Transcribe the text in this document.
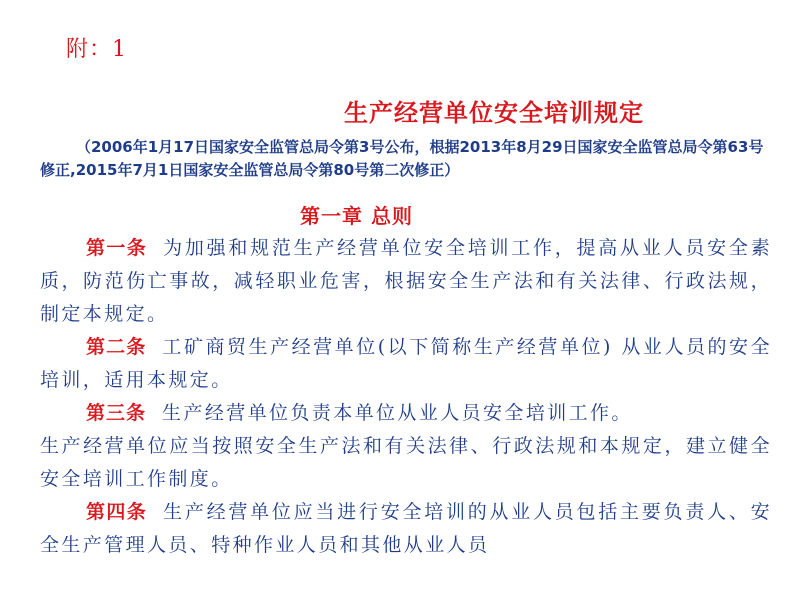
附：1
生产经营单位安全培训规定
（2006年1月17日国家安全监管总局令第3号公布，根据2013年8月29日国家安全监管总局令第63号修正,2015年7月1日国家安全监管总局令第80号第二次修正）
第一章 总则

第一条 为加强和规范生产经营单位安全培训工作，提高从业人员安全素质，防范伤亡事故，减轻职业危害，根据安全生产法和有关法律、行政法规，制定本规定。

第二条 工矿商贸生产经营单位(以下简称生产经营单位) 从业人员的安全培训，适用本规定。

第三条 生产经营单位负责本单位从业人员安全培训工作。

生产经营单位应当按照安全生产法和有关法律、行政法规和本规定，建立健全安全培训工作制度。

第四条 生产经营单位应当进行安全培训的从业人员包括主要负责人、安全生产管理人员、特种作业人员和其他从业人员
